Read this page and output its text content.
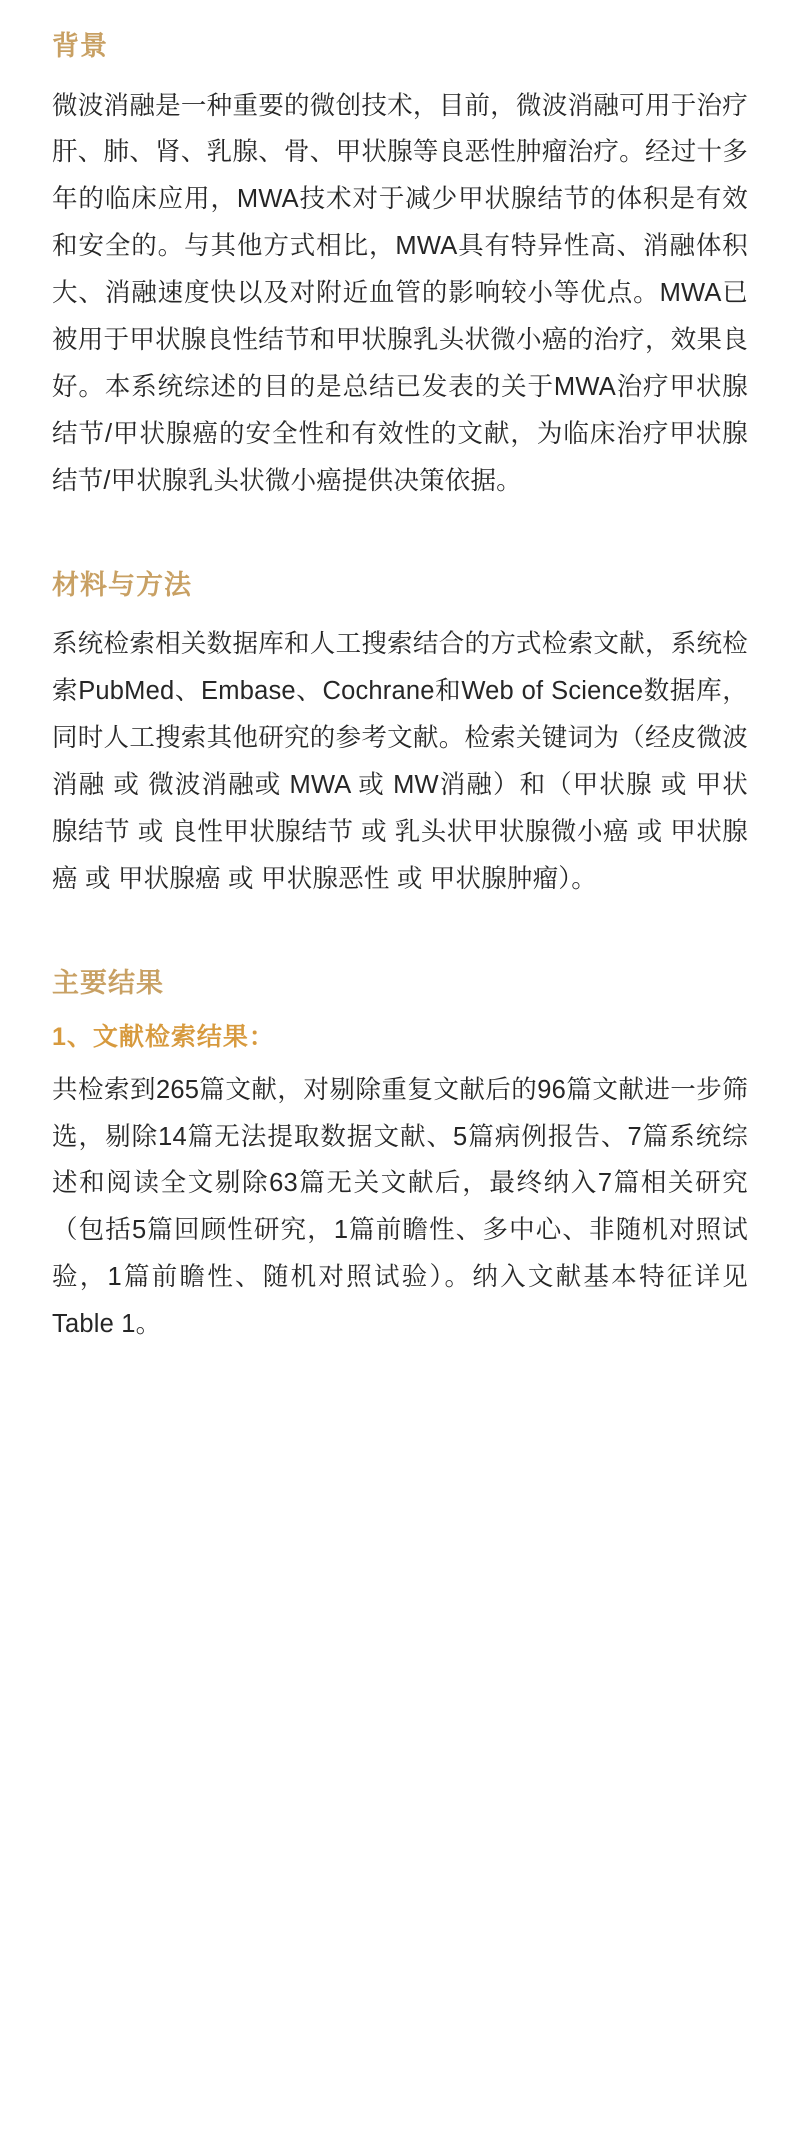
背景

微波消融是一种重要的微创技术，目前，微波消融可用于治疗肝、肺、肾、乳腺、骨、甲状腺等良恶性肿瘤治疗。经过十多年的临床应用，MWA技术对于减少甲状腺结节的体积是有效和安全的。与其他方式相比，MWA具有特异性高、消融体积大、消融速度快以及对附近血管的影响较小等优点。MWA已被用于甲状腺良性结节和甲状腺乳头状微小癌的治疗，效果良好。本系统综述的目的是总结已发表的关于MWA治疗甲状腺结节/甲状腺癌的安全性和有效性的文献，为临床治疗甲状腺结节/甲状腺乳头状微小癌提供决策依据。

材料与方法

系统检索相关数据库和人工搜索结合的方式检索文献，系统检索PubMed、Embase、Cochrane和Web of Science数据库，同时人工搜索其他研究的参考文献。检索关键词为（经皮微波消融 或 微波消融或 MWA 或 MW消融）和（甲状腺 或 甲状腺结节 或 良性甲状腺结节 或 乳头状甲状腺微小癌 或 甲状腺癌 或 甲状腺癌 或 甲状腺恶性 或 甲状腺肿瘤）。

主要结果
1、文献检索结果：

共检索到265篇文献，对剔除重复文献后的96篇文献进一步筛选，剔除14篇无法提取数据文献、5篇病例报告、7篇系统综述和阅读全文剔除63篇无关文献后，最终纳入7篇相关研究（包括5篇回顾性研究，1篇前瞻性、多中心、非随机对照试验，1篇前瞻性、随机对照试验）。纳入文献基本特征详见Table 1。
